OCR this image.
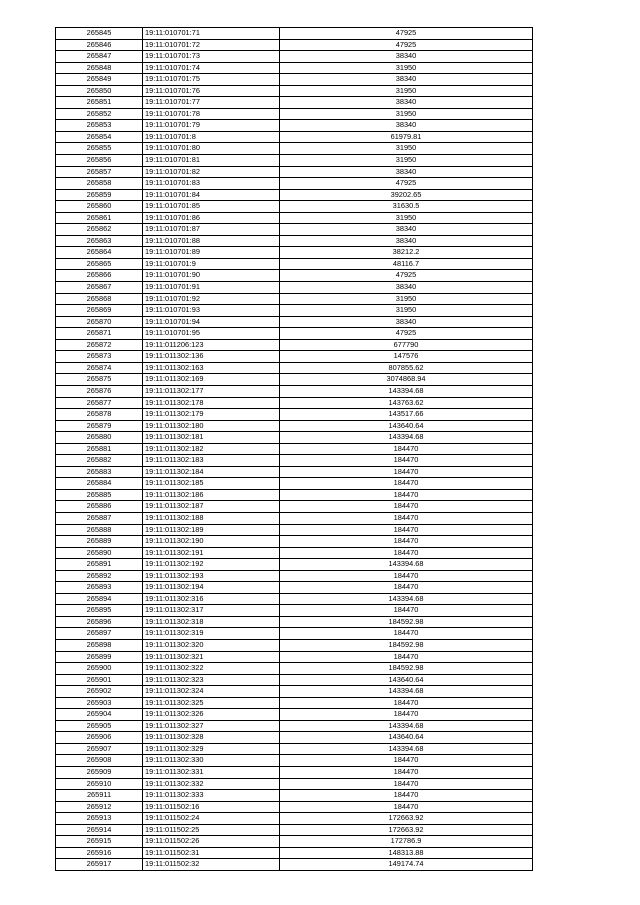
265845	19:11:010701:71	47925
265846	19:11:010701:72	47925
265847	19:11:010701:73	38340
265848	19:11:010701:74	31950
265849	19:11:010701:75	38340
265850	19:11:010701:76	31950
265851	19:11:010701:77	38340
265852	19:11:010701:78	31950
265853	19:11:010701:79	38340
265854	19:11:010701:8	61979.81
265855	19:11:010701:80	31950
265856	19:11:010701:81	31950
265857	19:11:010701:82	38340
265858	19:11:010701:83	47925
265859	19:11:010701:84	39202.65
265860	19:11:010701:85	31630.5
265861	19:11:010701:86	31950
265862	19:11:010701:87	38340
265863	19:11:010701:88	38340
265864	19:11:010701:89	38212.2
265865	19:11:010701:9	48116.7
265866	19:11:010701:90	47925
265867	19:11:010701:91	38340
265868	19:11:010701:92	31950
265869	19:11:010701:93	31950
265870	19:11:010701:94	38340
265871	19:11:010701:95	47925
265872	19:11:011206:123	677790
265873	19:11:011302:136	147576
265874	19:11:011302:163	807855.62
265875	19:11:011302:169	3074868.94
265876	19:11:011302:177	143394.68
265877	19:11:011302:178	143763.62
265878	19:11:011302:179	143517.66
265879	19:11:011302:180	143640.64
265880	19:11:011302:181	143394.68
265881	19:11:011302:182	184470
265882	19:11:011302:183	184470
265883	19:11:011302:184	184470
265884	19:11:011302:185	184470
265885	19:11:011302:186	184470
265886	19:11:011302:187	184470
265887	19:11:011302:188	184470
265888	19:11:011302:189	184470
265889	19:11:011302:190	184470
265890	19:11:011302:191	184470
265891	19:11:011302:192	143394.68
265892	19:11:011302:193	184470
265893	19:11:011302:194	184470
265894	19:11:011302:316	143394.68
265895	19:11:011302:317	184470
265896	19:11:011302:318	184592.98
265897	19:11:011302:319	184470
265898	19:11:011302:320	184592.98
265899	19:11:011302:321	184470
265900	19:11:011302:322	184592.98
265901	19:11:011302:323	143640.64
265902	19:11:011302:324	143394.68
265903	19:11:011302:325	184470
265904	19:11:011302:326	184470
265905	19:11:011302:327	143394.68
265906	19:11:011302:328	143640.64
265907	19:11:011302:329	143394.68
265908	19:11:011302:330	184470
265909	19:11:011302:331	184470
265910	19:11:011302:332	184470
265911	19:11:011302:333	184470
265912	19:11:011502:16	184470
265913	19:11:011502:24	172663.92
265914	19:11:011502:25	172663.92
265915	19:11:011502:26	172786.9
265916	19:11:011502:31	148313.88
265917	19:11:011502:32	149174.74
